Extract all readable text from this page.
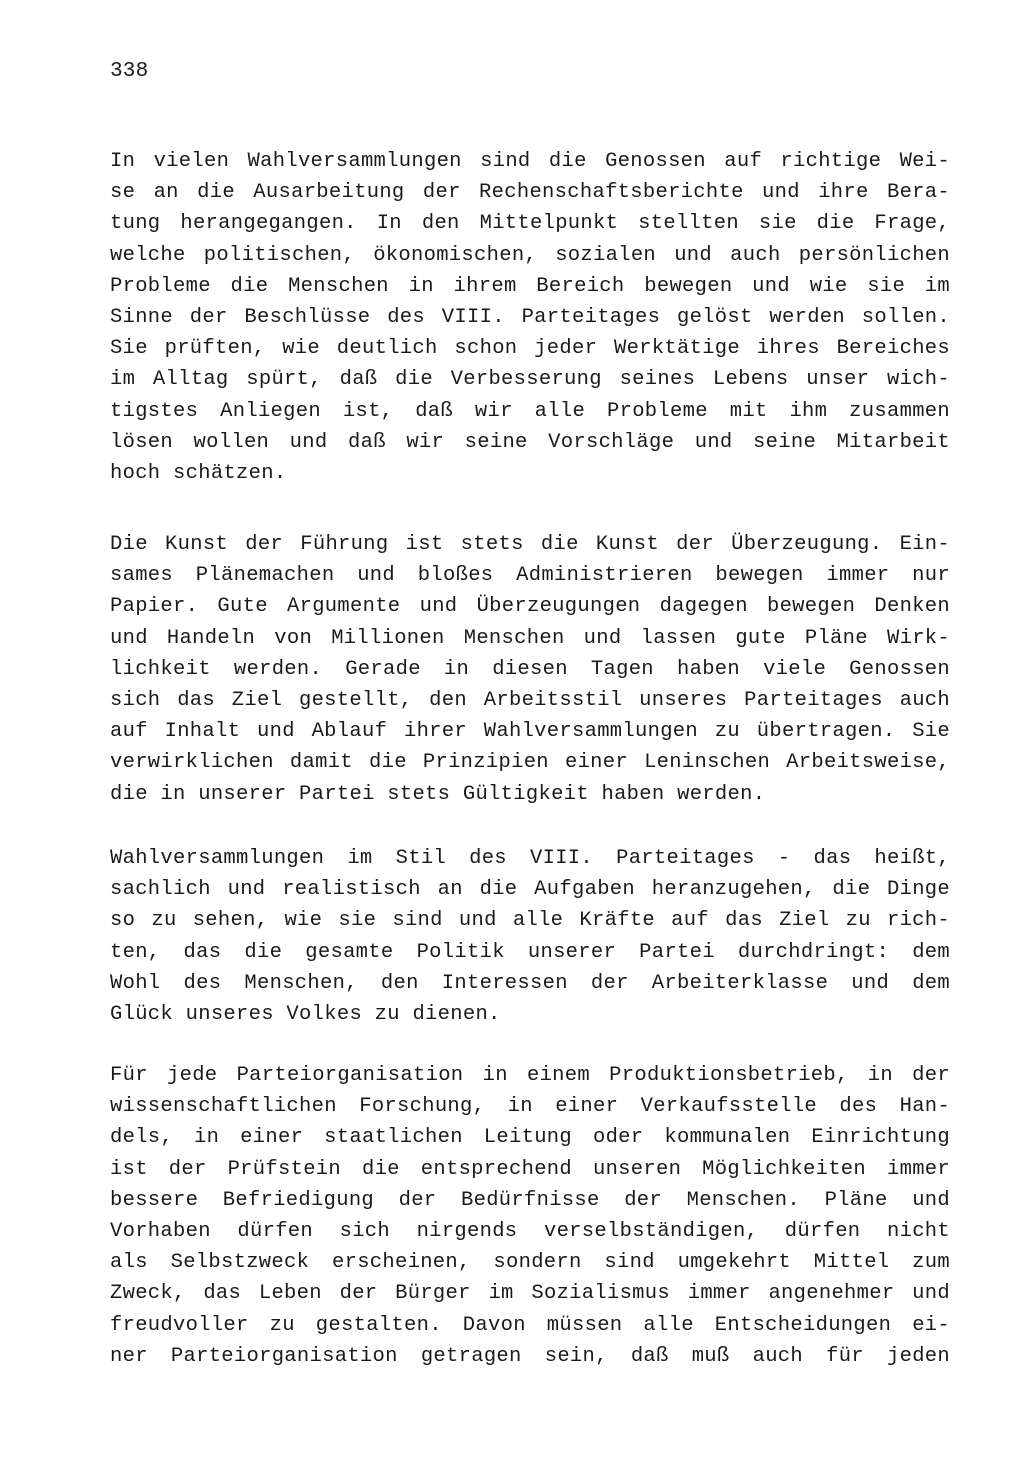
338
In vielen Wahlversammlungen sind die Genossen auf richtige Wei-
se an die Ausarbeitung der Rechenschaftsberichte und ihre Bera-
tung herangegangen. In den Mittelpunkt stellten sie die Frage,
welche politischen, ökonomischen, sozialen und auch persönlichen
Probleme die Menschen in ihrem Bereich bewegen und wie sie im
Sinne der Beschlüsse des VIII. Parteitages gelöst werden sollen.
Sie prüften, wie deutlich schon jeder Werktätige ihres Bereiches
im Alltag spürt, daß die Verbesserung seines Lebens unser wich-
tigstes Anliegen ist, daß wir alle Probleme mit ihm zusammen
lösen wollen und daß wir seine Vorschläge und seine Mitarbeit
hoch schätzen.
Die Kunst der Führung ist stets die Kunst der Überzeugung. Ein-
sames Plänemachen und bloßes Administrieren bewegen immer nur
Papier. Gute Argumente und Überzeugungen dagegen bewegen Denken
und Handeln von Millionen Menschen und lassen gute Pläne Wirk-
lichkeit werden. Gerade in diesen Tagen haben viele Genossen
sich das Ziel gestellt, den Arbeitsstil unseres Parteitages auch
auf Inhalt und Ablauf ihrer Wahlversammlungen zu übertragen. Sie
verwirklichen damit die Prinzipien einer Leninschen Arbeitsweise,
die in unserer Partei stets Gültigkeit haben werden.
Wahlversammlungen im Stil des VIII. Parteitages - das heißt,
sachlich und realistisch an die Aufgaben heranzugehen, die Dinge
so zu sehen, wie sie sind und alle Kräfte auf das Ziel zu rich-
ten, das die gesamte Politik unserer Partei durchdringt: dem
Wohl des Menschen, den Interessen der Arbeiterklasse und dem
Glück unseres Volkes zu dienen.
Für jede Parteiorganisation in einem Produktionsbetrieb, in der
wissenschaftlichen Forschung, in einer Verkaufsstelle des Han-
dels, in einer staatlichen Leitung oder kommunalen Einrichtung
ist der Prüfstein die entsprechend unseren Möglichkeiten immer
bessere Befriedigung der Bedürfnisse der Menschen. Pläne und
Vorhaben dürfen sich nirgends verselbständigen, dürfen nicht
als Selbstzweck erscheinen, sondern sind umgekehrt Mittel zum
Zweck, das Leben der Bürger im Sozialismus immer angenehmer und
freudvoller zu gestalten. Davon müssen alle Entscheidungen ei-
ner Parteiorganisation getragen sein, daß muß auch für jeden
